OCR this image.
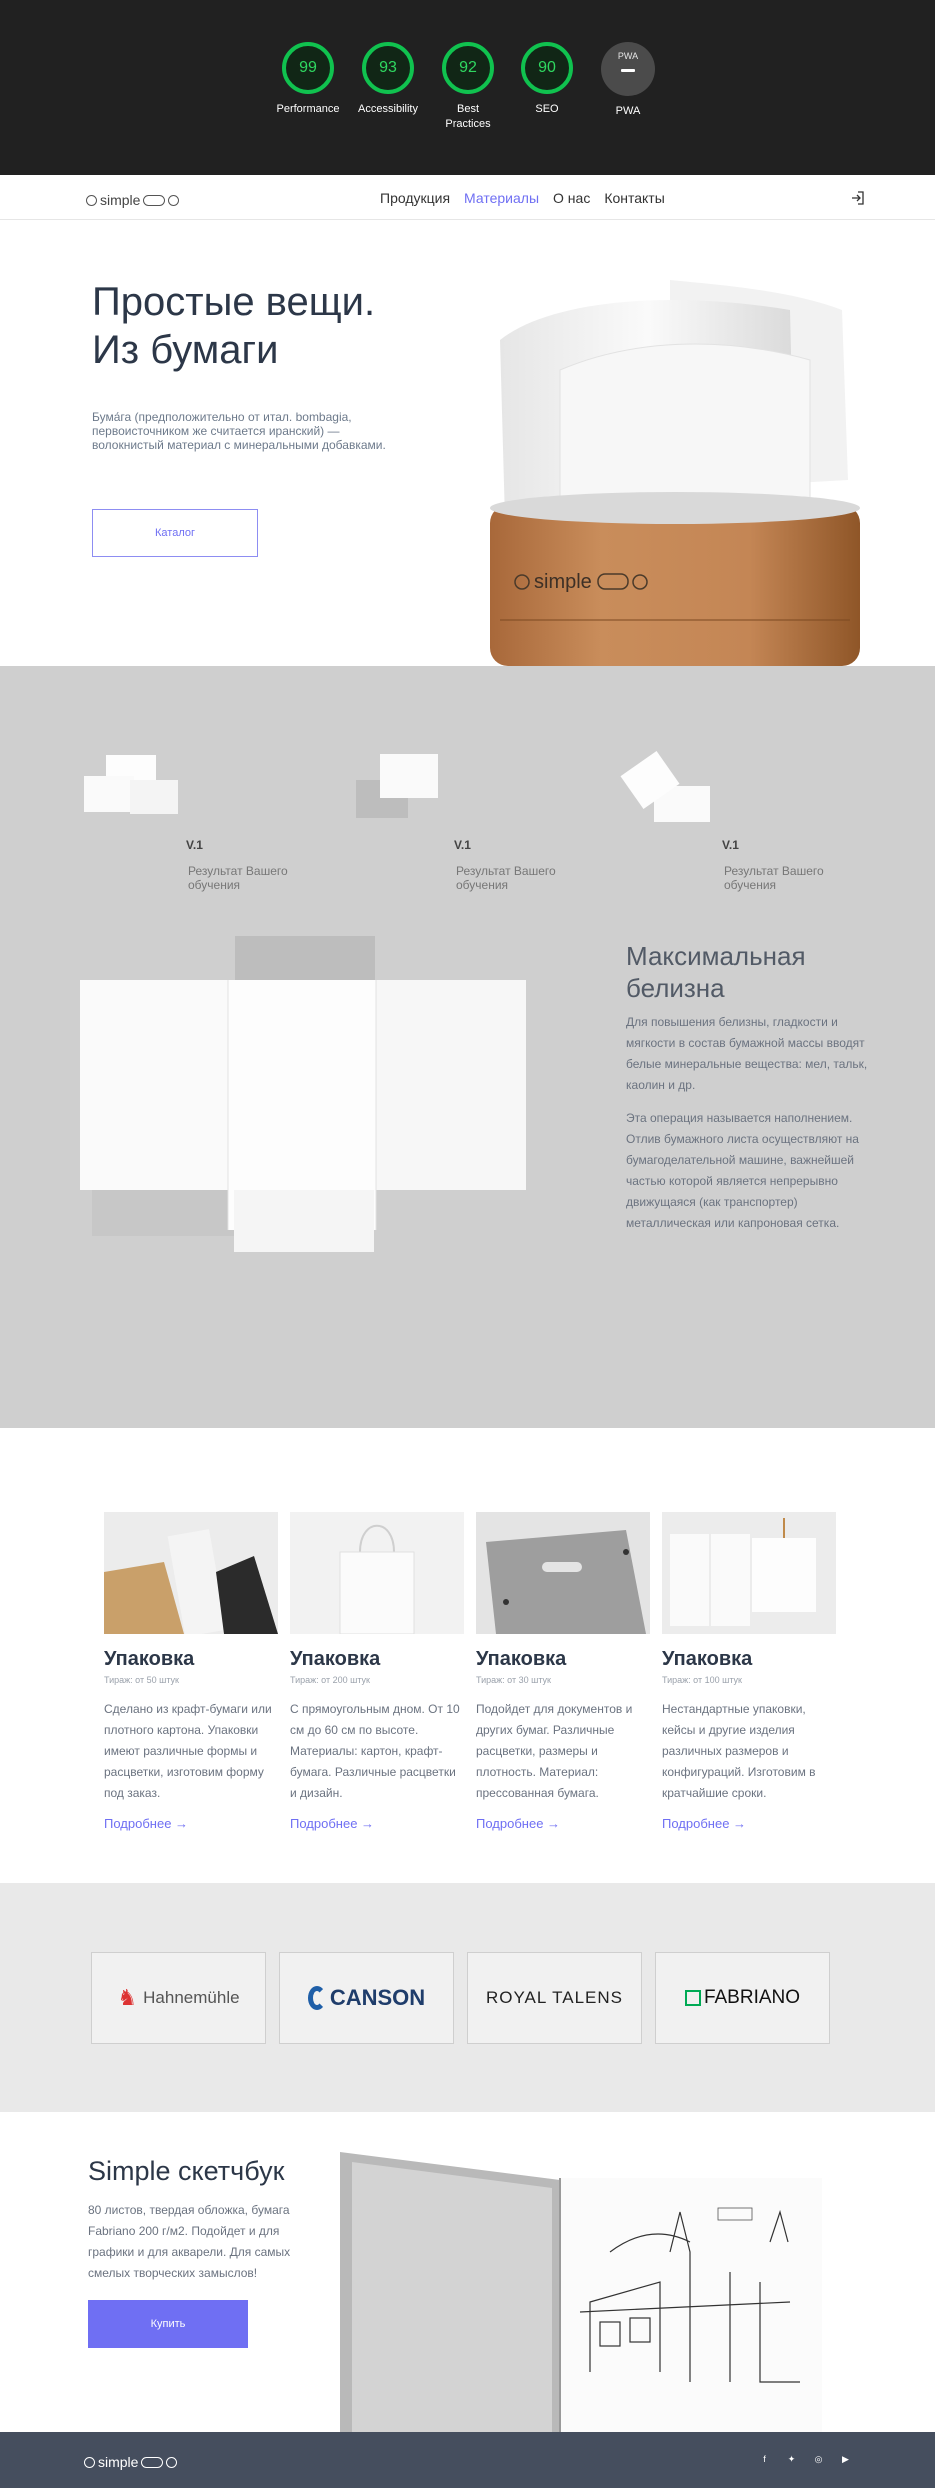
99
Performance
93
Accessibility
92
Best Practices
90
SEO
PWA
PWA
simple	Продукция Материалы О нас Контакты
Простые вещи.
Из бумаги

Бума́га (предположительно от итал. bombagia, первоисточником же считается иранский) — волокнистый материал с минеральными добавками.

Каталог
simple
V.1
Результат Вашего обучения
V.1
Результат Вашего обучения
V.1
Результат Вашего обучения
Максимальная
белизна
Для повышения белизны, гладкости и мягкости в состав бумажной массы вводят белые минеральные вещества: мел, тальк, каолин и др.
Эта операция называется наполнением. Отлив бумажного листа осуществляют на бумагоделательной машине, важнейшей частью которой является непрерывно движущаяся (как транспортер) металлическая или капроновая сетка.
Упаковка
Тираж: от 50 штук
Сделано из крафт-бумаги или плотного картона. Упаковки имеют различные формы и расцветки, изготовим форму под заказ.
Подробнее →
Упаковка
Тираж: от 200 штук
С прямоугольным дном. От 10 см до 60 см по высоте. Материалы: картон, крафт-бумага. Различные расцветки и дизайн.
Подробнее →
Упаковка
Тираж: от 30 штук
Подойдет для документов и других бумаг. Различные расцветки, размеры и плотность. Материал: прессованная бумага.
Подробнее →
Упаковка
Тираж: от 100 штук
Нестандартные упаковки, кейсы и другие изделия различных размеров и конфигураций. Изготовим в кратчайшие сроки.
Подробнее →
♞ Hahnemühle	CANSON	ROYAL TALENS	FABRIANO
Simple скетчбук

80 листов, твердая обложка, бумага Fabriano 200 г/м2. Подойдет и для графики и для акварели. Для самых смелых творческих замыслов!

Купить
simple	f	✦ ◎ ▶
